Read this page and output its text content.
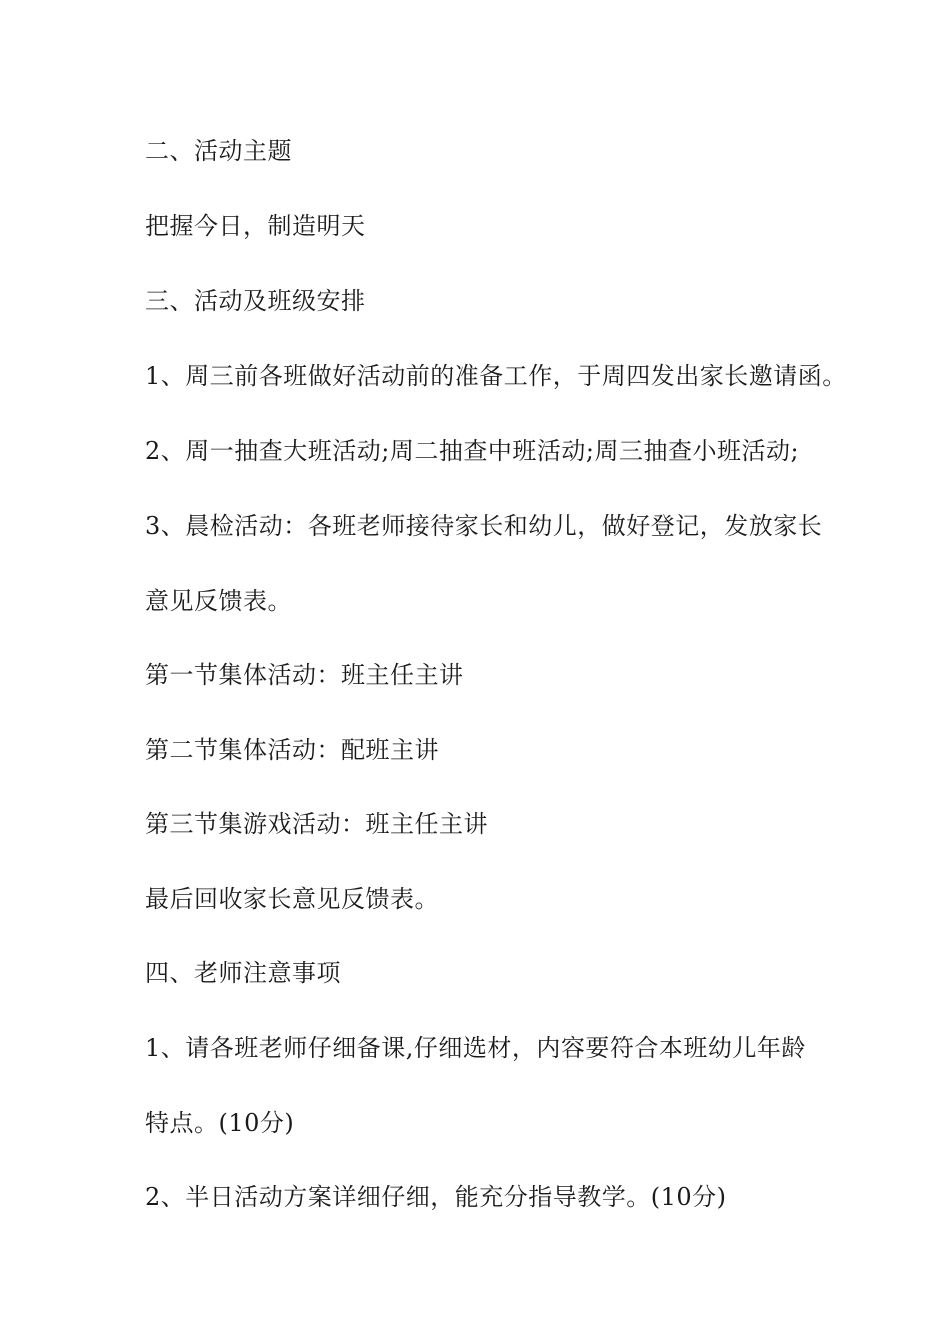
二、活动主题
把握今日，制造明天
三、活动及班级安排
1、周三前各班做好活动前的准备工作，于周四发出家长邀请函。
2、周一抽查大班活动;周二抽查中班活动;周三抽查小班活动;
3、晨检活动：各班老师接待家长和幼儿，做好登记，发放家长
意见反馈表。
第一节集体活动：班主任主讲
第二节集体活动：配班主讲
第三节集游戏活动：班主任主讲
最后回收家长意见反馈表。
四、老师注意事项
1、请各班老师仔细备课,仔细选材，内容要符合本班幼儿年龄
特点。(10分)
2、半日活动方案详细仔细，能充分指导教学。(10分)
